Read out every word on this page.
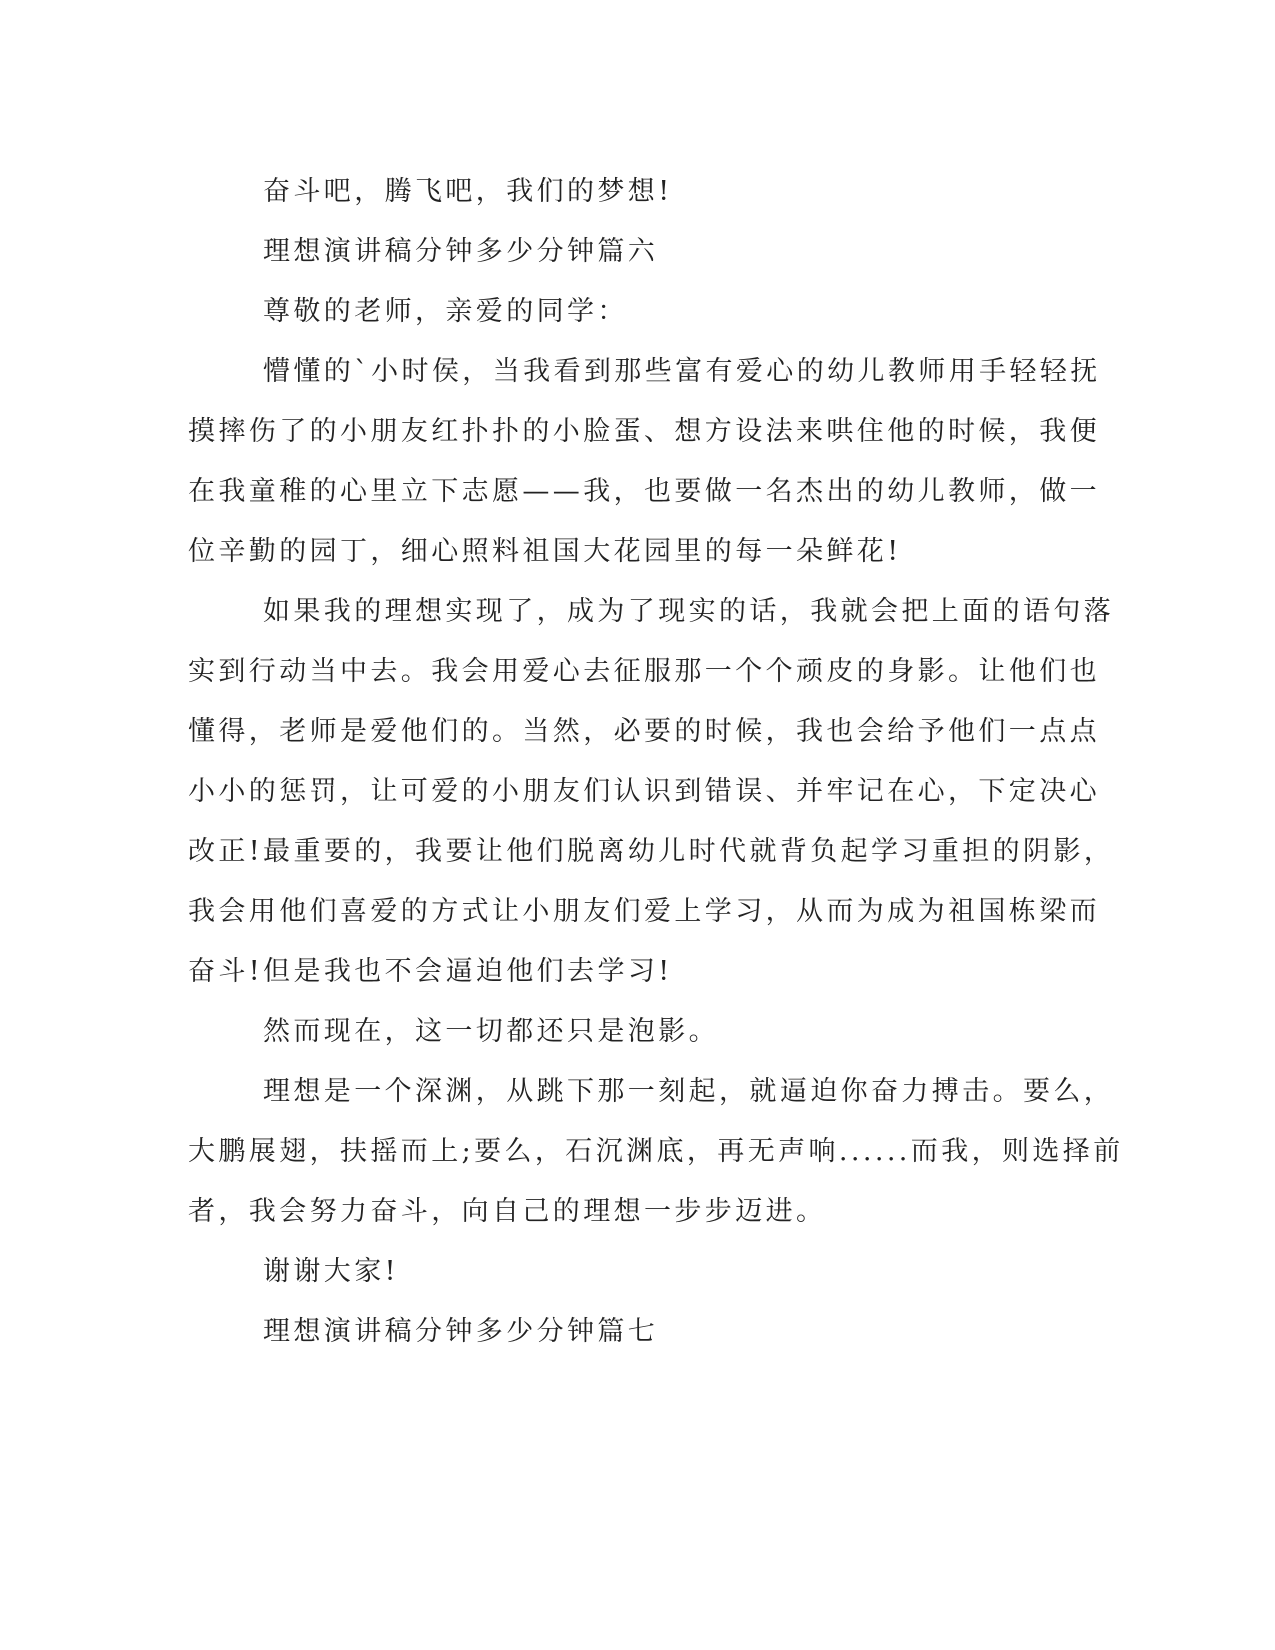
奋斗吧，腾飞吧，我们的梦想!
理想演讲稿分钟多少分钟篇六
尊敬的老师，亲爱的同学：
懵懂的`小时侯，当我看到那些富有爱心的幼儿教师用手轻轻抚
摸摔伤了的小朋友红扑扑的小脸蛋、想方设法来哄住他的时候，我便
在我童稚的心里立下志愿——我，也要做一名杰出的幼儿教师，做一
位辛勤的园丁，细心照料祖国大花园里的每一朵鲜花!
如果我的理想实现了，成为了现实的话，我就会把上面的语句落
实到行动当中去。我会用爱心去征服那一个个顽皮的身影。让他们也
懂得，老师是爱他们的。当然，必要的时候，我也会给予他们一点点
小小的惩罚，让可爱的小朋友们认识到错误、并牢记在心，下定决心
改正!最重要的，我要让他们脱离幼儿时代就背负起学习重担的阴影，
我会用他们喜爱的方式让小朋友们爱上学习，从而为成为祖国栋梁而
奋斗!但是我也不会逼迫他们去学习!
然而现在，这一切都还只是泡影。
理想是一个深渊，从跳下那一刻起，就逼迫你奋力搏击。要么，
大鹏展翅，扶摇而上;要么，石沉渊底，再无声响......而我，则选择前
者，我会努力奋斗，向自己的理想一步步迈进。
谢谢大家!
理想演讲稿分钟多少分钟篇七
